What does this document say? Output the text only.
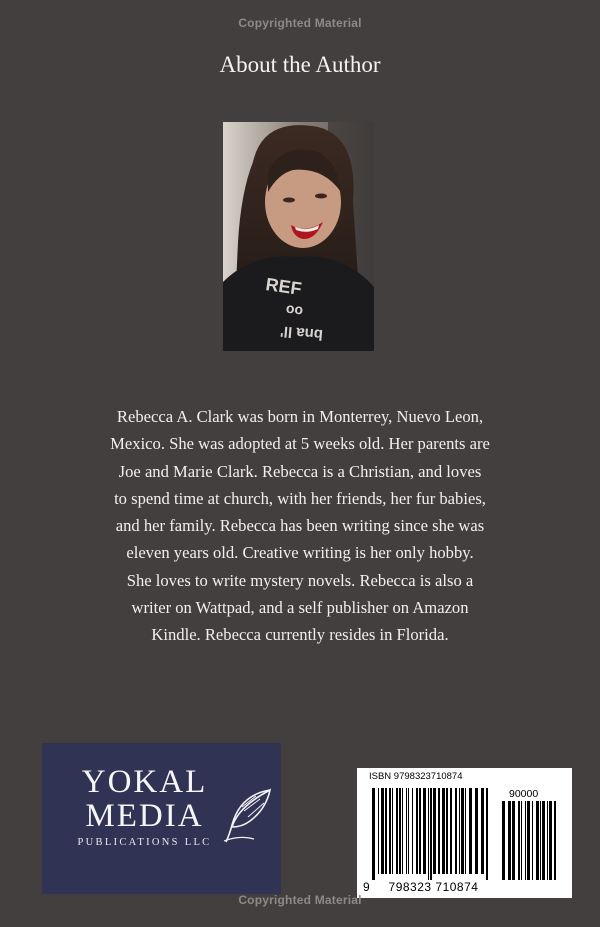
Copyrighted Material
About the Author
REF
oo
bna ll'

Rebecca A. Clark was born in Monterrey, Nuevo Leon,

Mexico. She was adopted at 5 weeks old. Her parents are

Joe and Marie Clark. Rebecca is a Christian, and loves

to spend time at church, with her friends, her fur babies,

and her family. Rebecca has been writing since she was

eleven years old. Creative writing is her only hobby.

She loves to write mystery novels. Rebecca is also a

writer on Wattpad, and a self publisher on Amazon

Kindle. Rebecca currently resides in Florida.

YOKAL
MEDIA
PUBLICATIONS LLC
ISBN 9798323710874
90000
9	798323 710874
Copyrighted Material
